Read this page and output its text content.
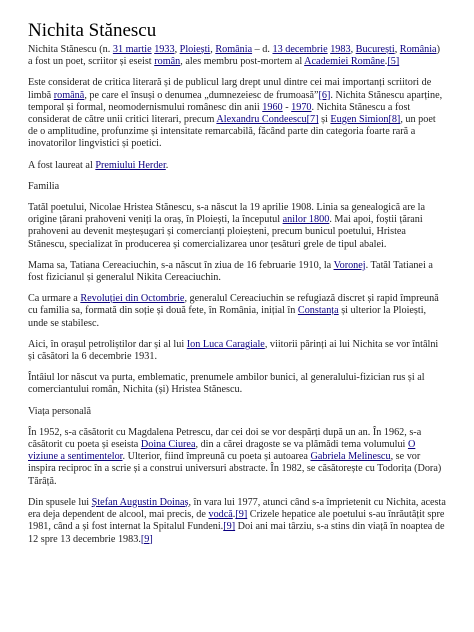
Nichita Stănescu

Nichita Stănescu (n. 31 martie 1933, Ploiești, România – d. 13 decembrie 1983, București, România) a fost un poet, scriitor și eseist român, ales membru post-mortem al Academiei Române.[5]

Este considerat de critica literară și de publicul larg drept unul dintre cei mai importanți scriitori de limbă română, pe care el însuși o denumea „dumnezeiesc de frumoasă”[6]. Nichita Stănescu aparține, temporal și formal, neomodernismului românesc din anii 1960 - 1970. Nichita Stănescu a fost considerat de către unii critici literari, precum Alexandru Condeescu[7] și Eugen Simion[8], un poet de o amplitudine, profunzime și intensitate remarcabilă, făcând parte din categoria foarte rară a inovatorilor lingvistici și poetici.

A fost laureat al Premiului Herder.

Familia

Tatăl poetului, Nicolae Hristea Stănescu, s-a născut la 19 aprilie 1908. Linia sa genealogică are la origine țărani prahoveni veniți la oraș, în Ploiești, la începutul anilor 1800. Mai apoi, foștii țărani prahoveni au devenit meșteșugari și comercianți ploieșteni, precum bunicul poetului, Hristea Stănescu, specializat în producerea și comercializarea unor țesături grele de tipul abalei.

Mama sa, Tatiana Cereaciuchin, s-a născut în ziua de 16 februarie 1910, la Voronej. Tatăl Tatianei a fost fizicianul și generalul Nikita Cereaciuchin.

Ca urmare a Revoluției din Octombrie, generalul Cereaciuchin se refugiază discret și rapid împreună cu familia sa, formată din soție și două fete, în România, inițial în Constanța și ulterior la Ploiești, unde se stabilesc.

Aici, în orașul petroliștilor dar și al lui Ion Luca Caragiale, viitorii părinți ai lui Nichita se vor întâlni și căsători la 6 decembrie 1931.

Întâiul lor născut va purta, emblematic, prenumele ambilor bunici, al generalului-fizician rus și al comerciantului român, Nichita (și) Hristea Stănescu.

Viața personală

În 1952, s-a căsătorit cu Magdalena Petrescu, dar cei doi se vor despărți după un an. În 1962, s-a căsătorit cu poeta și eseista Doina Ciurea, din a cărei dragoste se va plămădi tema volumului O viziune a sentimentelor. Ulterior, fiind împreună cu poeta și autoarea Gabriela Melinescu, se vor inspira reciproc în a scrie și a construi universuri abstracte. În 1982, se căsătorește cu Todorița (Dora) Tărâță.

Din spusele lui Ștefan Augustin Doinaș, în vara lui 1977, atunci când s-a împrietenit cu Nichita, acesta era deja dependent de alcool, mai precis, de vodcă.[9] Crizele hepatice ale poetului s-au înrăutățit spre 1981, când a și fost internat la Spitalul Fundeni.[9] Doi ani mai târziu, s-a stins din viață în noaptea de 12 spre 13 decembrie 1983.[9]
